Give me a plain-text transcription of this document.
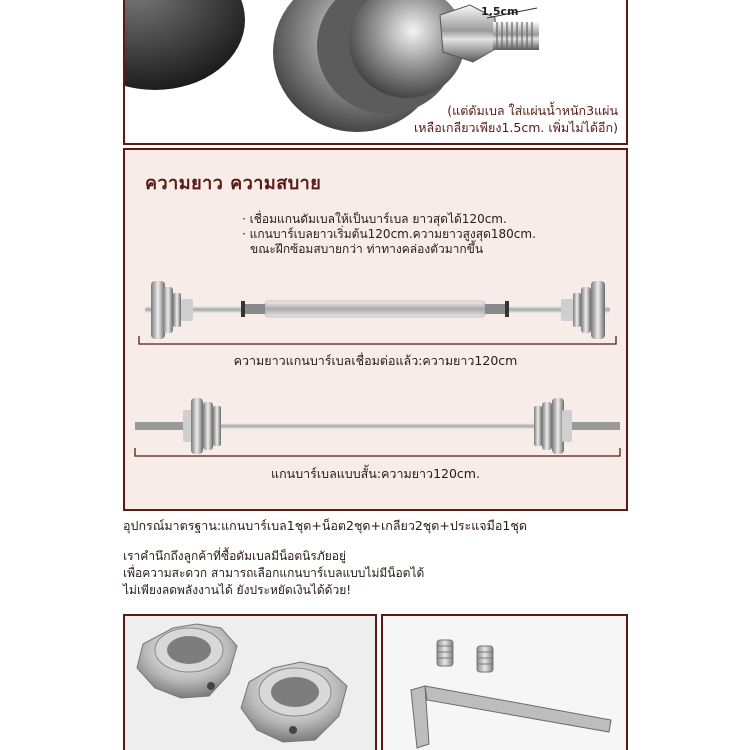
1.5cm
(แต่ดัมเบล ใส่แผ่นน้ำหนัก3แผ่น
เหลือเกลียวเพียง1.5cm. เพิ่มไม่ได้อีก)
ความยาว ความสบาย
· เชื่อมแกนดัมเบลให้เป็นบาร์เบล ยาวสุดได้120cm.
· แกนบาร์เบลยาวเริ่มต้น120cm.ความยาวสูงสุด180cm.
ขณะฝึกซ้อมสบายกว่า ท่าทางคล่องตัวมากขึ้น
ความยาวแกนบาร์เบลเชื่อมต่อแล้ว:ความยาว120cm
แกนบาร์เบลแบบสั้น:ความยาว120cm.
อุปกรณ์มาตรฐาน:แกนบาร์เบล1ชุด+น็อต2ชุด+เกลียว2ชุด+ประแจมือ1ชุด
เราคำนึกถึงลูกค้าที่ซื้อดัมเบลมีน็อตนิรภัยอยู่
เพื่อความสะดวก สามารถเลือกแกนบาร์เบลแบบไม่มีน็อตได้
ไม่เพียงลดพลังงานได้ ยังประหยัดเงินได้ด้วย!
